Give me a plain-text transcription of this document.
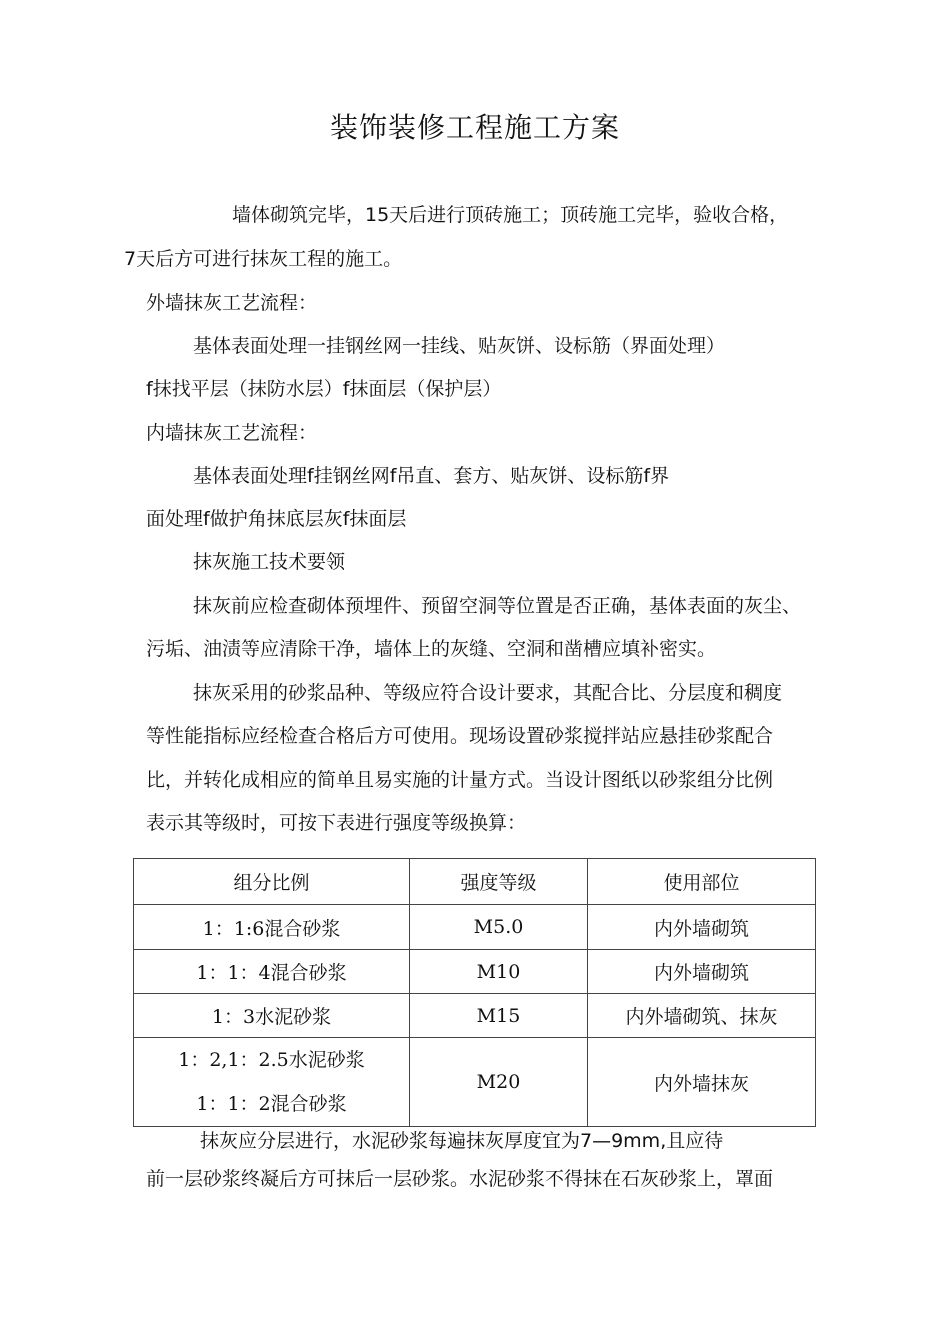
装饰装修工程施工方案
墙体砌筑完毕，15天后进行顶砖施工；顶砖施工完毕，验收合格，
7天后方可进行抹灰工程的施工。
外墙抹灰工艺流程：
基体表面处理一挂钢丝网一挂线、贴灰饼、设标筋（界面处理）
f抹找平层（抹防水层）f抹面层（保护层）
内墙抹灰工艺流程：
基体表面处理f挂钢丝网f吊直、套方、贴灰饼、设标筋f界
面处理f做护角抹底层灰f抹面层
抹灰施工技术要领
抹灰前应检查砌体预埋件、预留空洞等位置是否正确，基体表面的灰尘、
污垢、油渍等应清除干净，墙体上的灰缝、空洞和凿槽应填补密实。
抹灰采用的砂浆品种、等级应符合设计要求，其配合比、分层度和稠度
等性能指标应经检查合格后方可使用。现场设置砂浆搅拌站应悬挂砂浆配合
比，并转化成相应的简单且易实施的计量方式。当设计图纸以砂浆组分比例
表示其等级时，可按下表进行强度等级换算：
组分比例	强度等级	使用部位
1：1:6混合砂浆	M5.0	内外墙砌筑
1：1：4混合砂浆	M10	内外墙砌筑
1：3水泥砂浆	M15	内外墙砌筑、抹灰

1：2,1：2.5水泥砂浆
1：1：2混合砂浆	M20	内外墙抹灰
抹灰应分层进行，水泥砂浆每遍抹灰厚度宜为7—9mm,且应待
前一层砂浆终凝后方可抹后一层砂浆。水泥砂浆不得抹在石灰砂浆上，罩面
